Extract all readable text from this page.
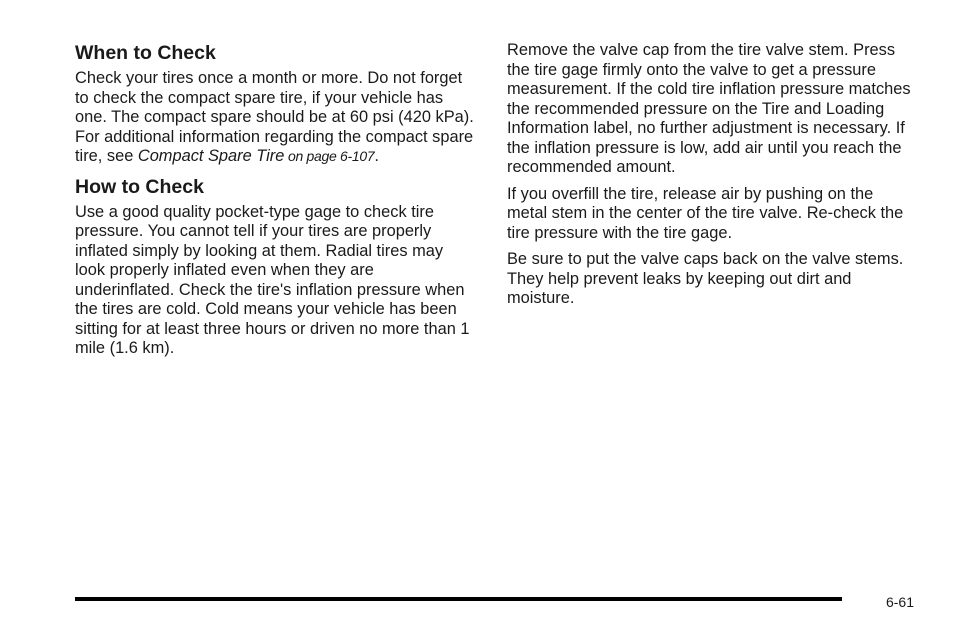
When to Check

Check your tires once a month or more. Do not forget to check the compact spare tire, if your vehicle has one. The compact spare should be at 60 psi (420 kPa). For additional information regarding the compact spare tire, see Compact Spare Tire on page 6-107.

How to Check

Use a good quality pocket-type gage to check tire pressure. You cannot tell if your tires are properly inflated simply by looking at them. Radial tires may look properly inflated even when they are underinflated. Check the tire's inflation pressure when the tires are cold. Cold means your vehicle has been sitting for at least three hours or driven no more than 1 mile (1.6 km).

Remove the valve cap from the tire valve stem. Press the tire gage firmly onto the valve to get a pressure measurement. If the cold tire inflation pressure matches the recommended pressure on the Tire and Loading Information label, no further adjustment is necessary. If the inflation pressure is low, add air until you reach the recommended amount.

If you overfill the tire, release air by pushing on the metal stem in the center of the tire valve. Re-check the tire pressure with the tire gage.

Be sure to put the valve caps back on the valve stems. They help prevent leaks by keeping out dirt and moisture.

6-61
